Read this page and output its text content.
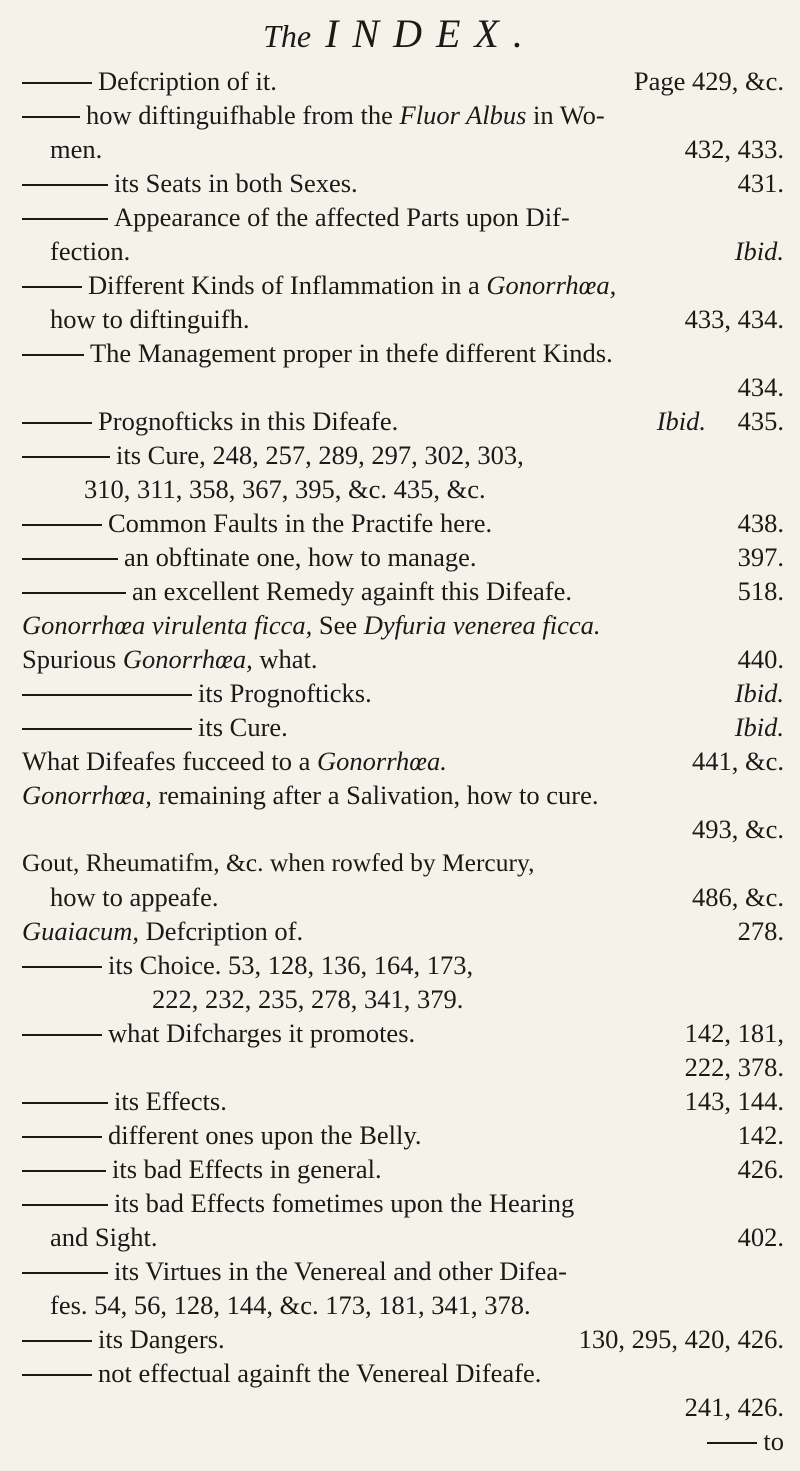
The INDEX.
Defcription of it.	Page 429, &c.
how diftinguifhable from the Fluor Albus in Wo-
men.	432, 433.
its Seats in both Sexes.	431.
Appearance of the affected Parts upon Dif-
fection.	Ibid.
Different Kinds of Inflammation in a Gonorrhœa,
how to diftinguifh.	433, 434.
The Management proper in thefe different Kinds.
434.
Prognofticks in this Difeafe.	Ibid. 435.
its Cure, 248, 257, 289, 297, 302, 303,
310, 311, 358, 367, 395, &c. 435, &c.
Common Faults in the Practife here.	438.
an obftinate one, how to manage.	397.
an excellent Remedy againft this Difeafe.	518.
Gonorrhœa virulenta ficca, See Dyfuria venerea ficca.
Spurious Gonorrhœa, what.	440.
its Prognofticks.	Ibid.
its Cure.	Ibid.
What Difeafes fucceed to a Gonorrhœa.	441, &c.
Gonorrhœa, remaining after a Salivation, how to cure.
493, &c.
Gout, Rheumatifm, &c. when rowfed by Mercury,
how to appeafe.	486, &c.
Guaiacum, Defcription of.	278.
its Choice. 53, 128, 136, 164, 173,
222, 232, 235, 278, 341, 379.
what Difcharges it promotes.	142, 181,
222, 378.
its Effects.	143, 144.
different ones upon the Belly.	142.
its bad Effects in general.	426.
its bad Effects fometimes upon the Hearing
and Sight.	402.
its Virtues in the Venereal and other Difea-
fes. 54, 56, 128, 144, &c. 173, 181, 341, 378.
its Dangers.	130, 295, 420, 426.
not effectual againft the Venereal Difeafe.
241, 426.
to
